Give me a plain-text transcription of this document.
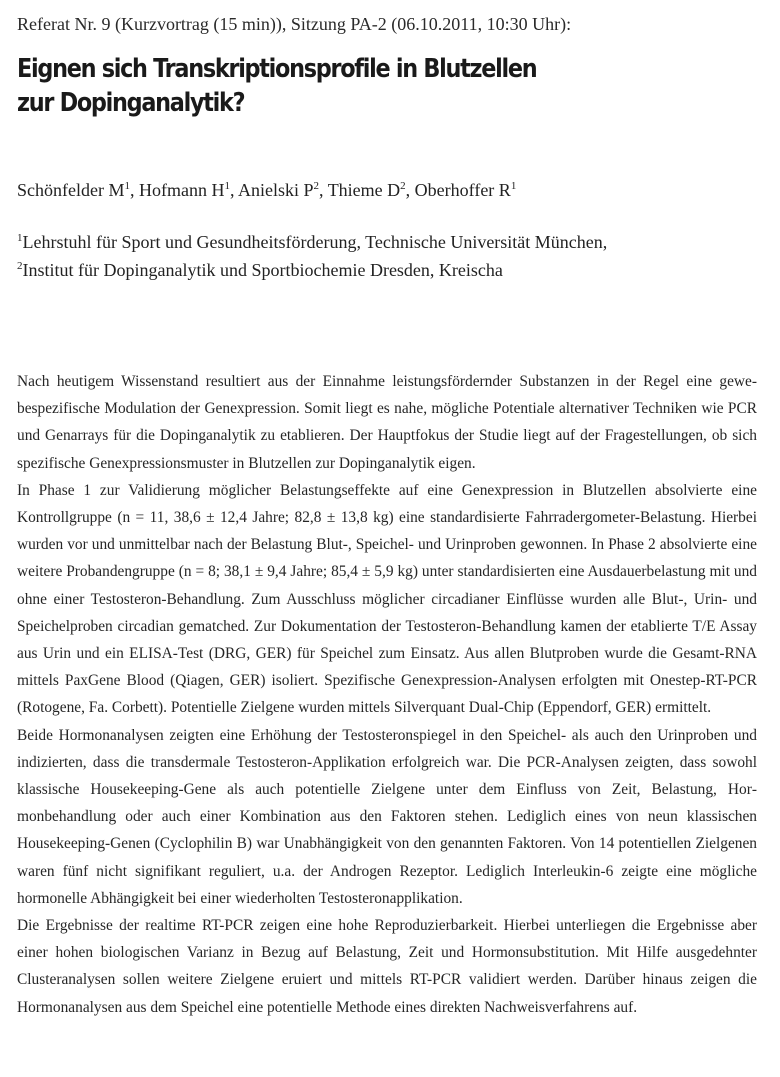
Referat Nr. 9 (Kurzvortrag (15 min)), Sitzung PA-2 (06.10.2011, 10:30 Uhr):
Eignen sich Transkriptionsprofile in Blutzellen
zur Dopinganalytik?
Schönfelder $M^1$, Hofmann $H^1$, Anielski $P^2$, Thieme $D^2$, Oberhoffer $R^1$
$^1$Lehrstuhl für Sport und Gesundheitsförderung, Technische Universität München,
$^2$Institut für Dopinganalytik und Sportbiochemie Dresden, Kreischa

Nach heutigem Wissenstand resultiert aus der Einnahme leistungsfördernder Substanzen in der Regel eine gewebespezifische Modulation der Genexpression. Somit liegt es nahe, mögliche Potentiale alternativer Techniken wie PCR und Genarrays für die Dopinganalytik zu etablieren. Der Hauptfokus der Studie liegt auf der Fragestellungen, ob sich spezifische Genexpressionsmuster in Blutzellen zur Dopinganalytik eigen.

In Phase 1 zur Validierung möglicher Belastungseffekte auf eine Genexpression in Blutzellen absolvierte eine Kontrollgruppe (n = 11, 38,6 ± 12,4 Jahre; 82,8 ± 13,8 kg) eine standardisierte Fahrradergometer-Belastung. Hierbei wurden vor und unmittelbar nach der Belastung Blut-, Speichel- und Urinproben gewonnen. In Phase 2 absolvierte eine weitere Probandengruppe (n = 8; 38,1 ± 9,4 Jahre; 85,4 ± 5,9 kg) unter standardisierten eine Ausdauerbelastung mit und ohne einer Testosteron-Behandlung. Zum Ausschluss möglicher circadianer Einflüsse wurden alle Blut-, Urin- und Speichelproben circadian gematched. Zur Dokumentation der Testosteron-Behandlung kamen der etablierte T/E Assay aus Urin und ein ELISA-Test (DRG, GER) für Speichel zum Einsatz. Aus allen Blutproben wurde die Gesamt-RNA mittels PaxGene Blood (Qiagen, GER) isoliert. Spezifische Genexpression-Analysen erfolgten mit Onestep-RT-PCR (Rotogene, Fa. Corbett). Potentielle Zielgene wurden mittels Silverquant Dual-Chip (Eppendorf, GER) ermittelt.

Beide Hormonanalysen zeigten eine Erhöhung der Testosteronspiegel in den Speichel- als auch den Urinproben und indizierten, dass die transdermale Testosteron-Applikation erfolgreich war. Die PCR-Analysen zeigten, dass sowohl klassische Housekeeping-Gene als auch potentielle Zielgene unter dem Einfluss von Zeit, Belastung, Hormonbehandlung oder auch einer Kombination aus den Faktoren stehen. Lediglich eines von neun klassischen Housekeeping-Genen (Cyclophilin B) war Unabhängigkeit von den genannten Faktoren. Von 14 potentiellen Zielgenen waren fünf nicht signifikant reguliert, u.a. der Androgen Rezeptor. Lediglich Interleukin-6 zeigte eine mögliche hormonelle Abhängigkeit bei einer wiederholten Testosteronapplikation.

Die Ergebnisse der realtime RT-PCR zeigen eine hohe Reproduzierbarkeit. Hierbei unterliegen die Ergebnisse aber einer hohen biologischen Varianz in Bezug auf Belastung, Zeit und Hormonsubstitution. Mit Hilfe ausgedehnter Clusteranalysen sollen weitere Zielgene eruiert und mittels RT-PCR validiert werden. Darüber hinaus zeigen die Hormonanalysen aus dem Speichel eine potentielle Methode eines direkten Nachweisverfahrens auf.
